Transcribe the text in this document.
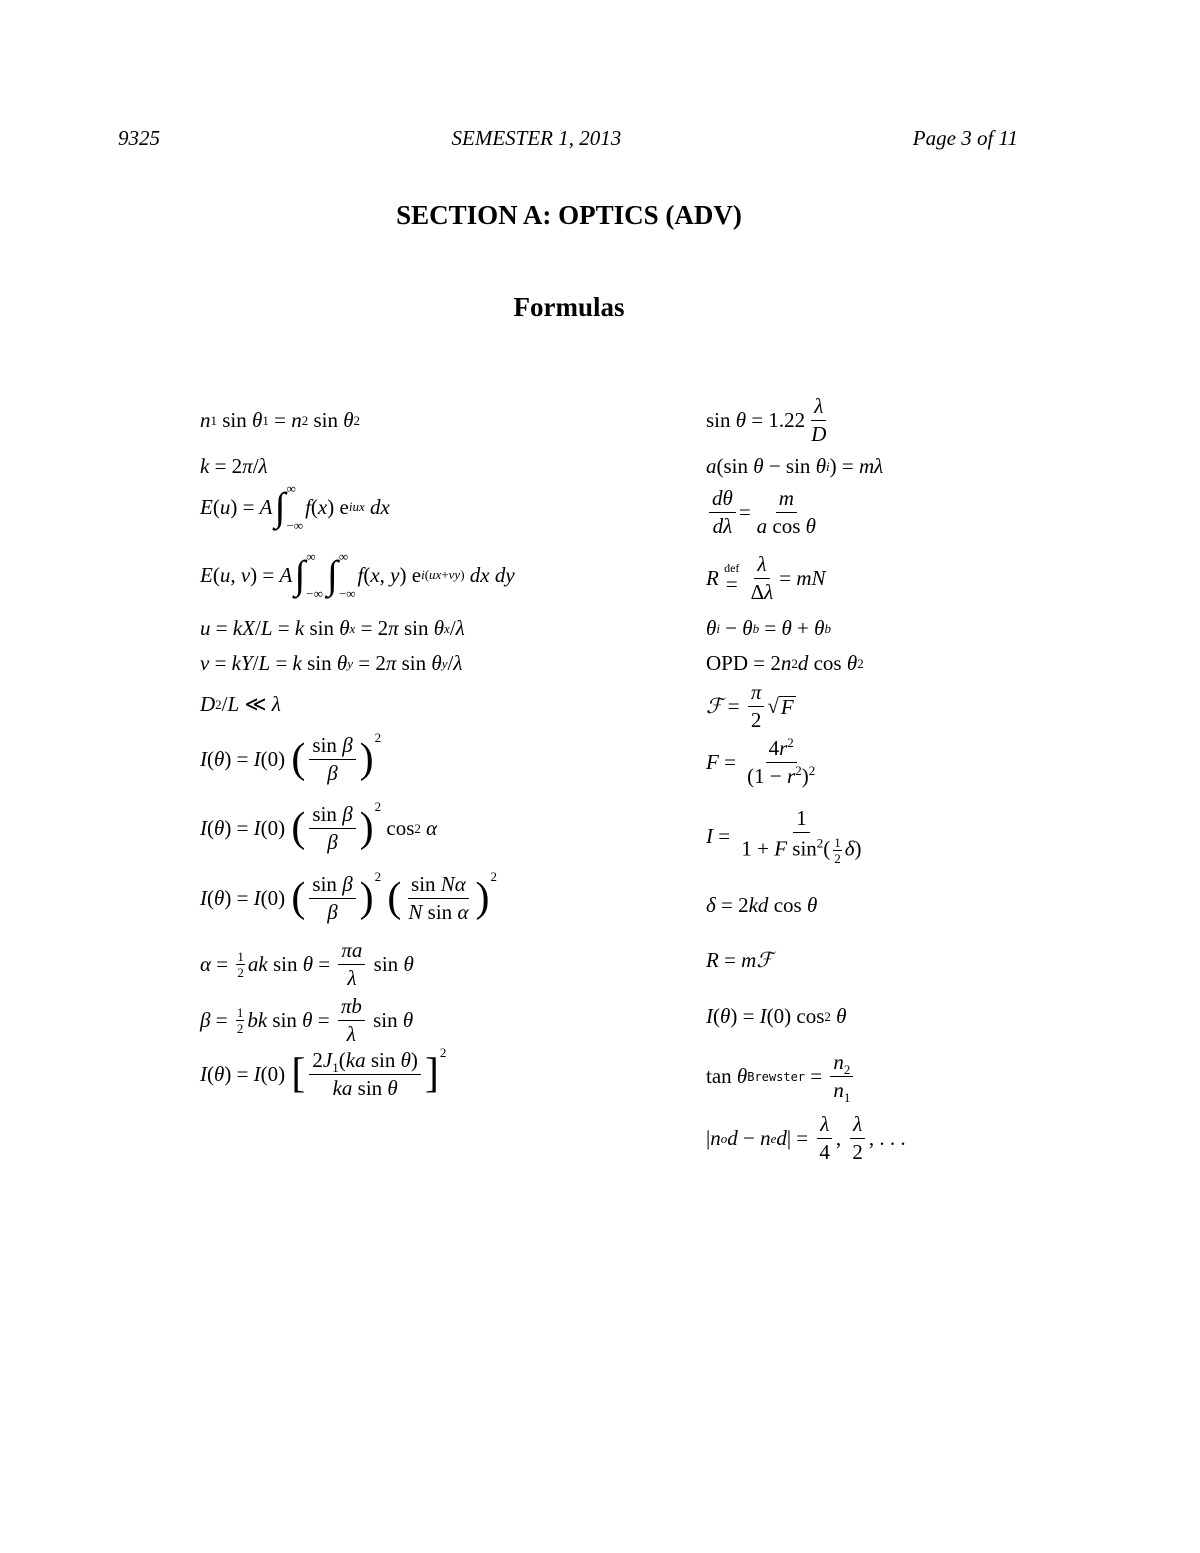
9325	SEMESTER 1, 2013	Page 3 of 11
SECTION A: OPTICS (ADV)
Formulas
n 1
sin
θ 1 = n 2
sin
θ 2
k = 2 π / λ
E ( u ) = A ∫ ∞
−∞
f ( x ) e iux
dx
E ( u , v ) = A ∫ ∞
−∞ ∫ ∞
−∞
f ( x , y ) e i(ux+vy)
dx
dy
u = kX / L = k sin θ x = 2 π sin θ x / λ
v = kY / L = k sin θ y = 2 π sin θ y / λ
D 2 / L ≪ λ
I ( θ ) = I (0) ( $\frac{\text{sin β}}{\beta} )^2$
I ( θ ) = I (0) ( $\frac{\text{sin β}}{\beta} )^2$
cos 2
α
I ( θ ) = I (0) ( $\frac{\text{sin β}}{\beta} )^2$
( $\frac{\text{sin Nα}}{\text{N sin α}} )^2$
$\alpha = \frac{1}{2}$ ak $\sin \theta = \frac{\pi a}{\lambda}$ sin θ
$\beta = \frac{1}{2}$ bk $\sin \theta = \frac{\pi b}{\lambda}$ sin θ
I ( θ ) = I (0) [ $\frac{2J_1(ka \sin \theta)}{\text{ka sin θ}} ]^2$
$\sin \theta = 1.22 \frac{\lambda}{D}$
a (sin θ − sin θ i ) = mλ
$\frac{d\theta}{d\lambda} = \frac{m}{\text{a cos θ}}$
R
def
=
$\frac{\lambda}{\Delta\lambda}$ = mN
θ i − θ b = θ + θ b
OPD = 2 n 2 d cos θ 2
ℱ = $\frac{\pi}{2}$ √ F
$F = \frac{4r^2}{(1 - r^2)^2}$
$I = \frac{1}{1 + F \sin^2( \frac{1}{2} \delta)}$
δ = 2 kd cos θ
R = mℱ
I ( θ ) = I (0) cos 2
θ
tan θ Brewster = $\frac{n_2}{n_1}$
| n o d − n e d | = $\frac{\lambda}{4}$ , $\frac{\lambda}{2}$ , . . .
